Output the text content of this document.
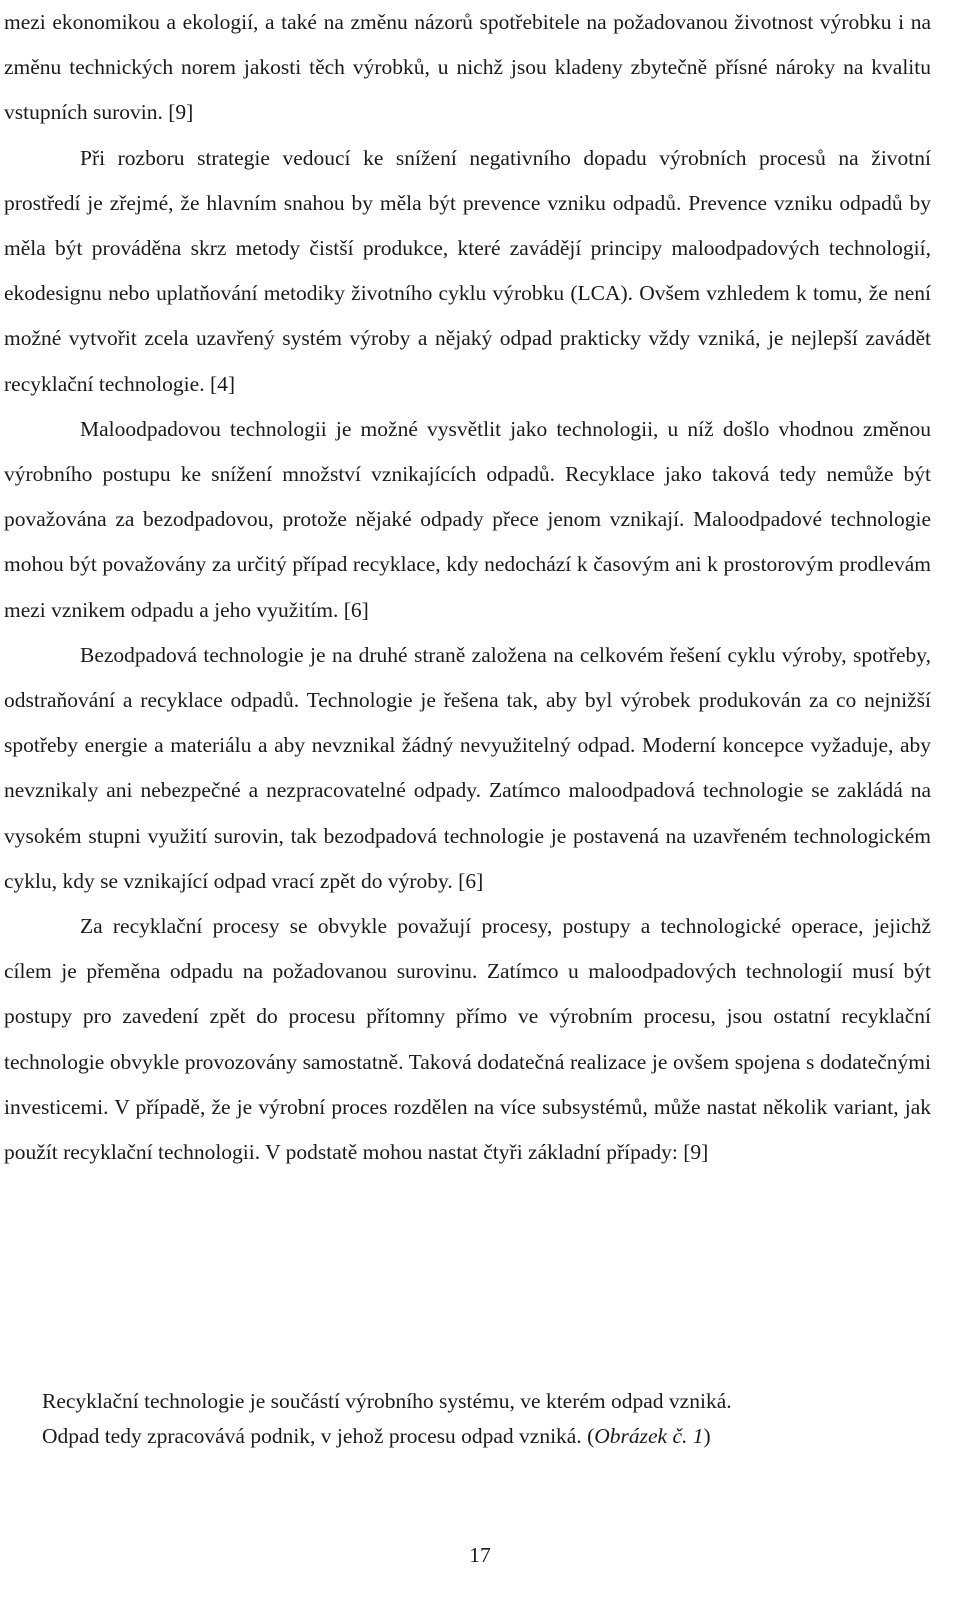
mezi ekonomikou a ekologií, a také na změnu názorů spotřebitele na požadovanou životnost výrobku i na změnu technických norem jakosti těch výrobků, u nichž jsou kladeny zbytečně přísné nároky na kvalitu vstupních surovin. [9]

Při rozboru strategie vedoucí ke snížení negativního dopadu výrobních procesů na životní prostředí je zřejmé, že hlavním snahou by měla být prevence vzniku odpadů. Prevence vzniku odpadů by měla být prováděna skrz metody čistší produkce, které zavádějí principy maloodpadových technologií, ekodesignu nebo uplatňování metodiky životního cyklu výrobku (LCA). Ovšem vzhledem k tomu, že není možné vytvořit zcela uzavřený systém výroby a nějaký odpad prakticky vždy vzniká, je nejlepší zavádět recyklační technologie. [4]

Maloodpadovou technologii je možné vysvětlit jako technologii, u níž došlo vhodnou změnou výrobního postupu ke snížení množství vznikajících odpadů. Recyklace jako taková tedy nemůže být považována za bezodpadovou, protože nějaké odpady přece jenom vznikají. Maloodpadové technologie mohou být považovány za určitý případ recyklace, kdy nedochází k časovým ani k prostorovým prodlevám mezi vznikem odpadu a jeho využitím. [6]

Bezodpadová technologie je na druhé straně založena na celkovém řešení cyklu výroby, spotřeby, odstraňování a recyklace odpadů. Technologie je řešena tak, aby byl výrobek produkován za co nejnižší spotřeby energie a materiálu a aby nevznikal žádný nevyužitelný odpad. Moderní koncepce vyžaduje, aby nevznikaly ani nebezpečné a nezpracovatelné odpady. Zatímco maloodpadová technologie se zakládá na vysokém stupni využití surovin, tak bezodpadová technologie je postavená na uzavřeném technologickém cyklu, kdy se vznikající odpad vrací zpět do výroby. [6]

Za recyklační procesy se obvykle považují procesy, postupy a technologické operace, jejichž cílem je přeměna odpadu na požadovanou surovinu. Zatímco u maloodpadových technologií musí být postupy pro zavedení zpět do procesu přítomny přímo ve výrobním procesu, jsou ostatní recyklační technologie obvykle provozovány samostatně. Taková dodatečná realizace je ovšem spojena s dodatečnými investicemi. V případě, že je výrobní proces rozdělen na více subsystémů, může nastat několik variant, jak použít recyklační technologii. V podstatě mohou nastat čtyři základní případy: [9]

Recyklační technologie je součástí výrobního systému, ve kterém odpad vzniká.

Odpad tedy zpracovává podnik, v jehož procesu odpad vzniká. (Obrázek č. 1)

17
